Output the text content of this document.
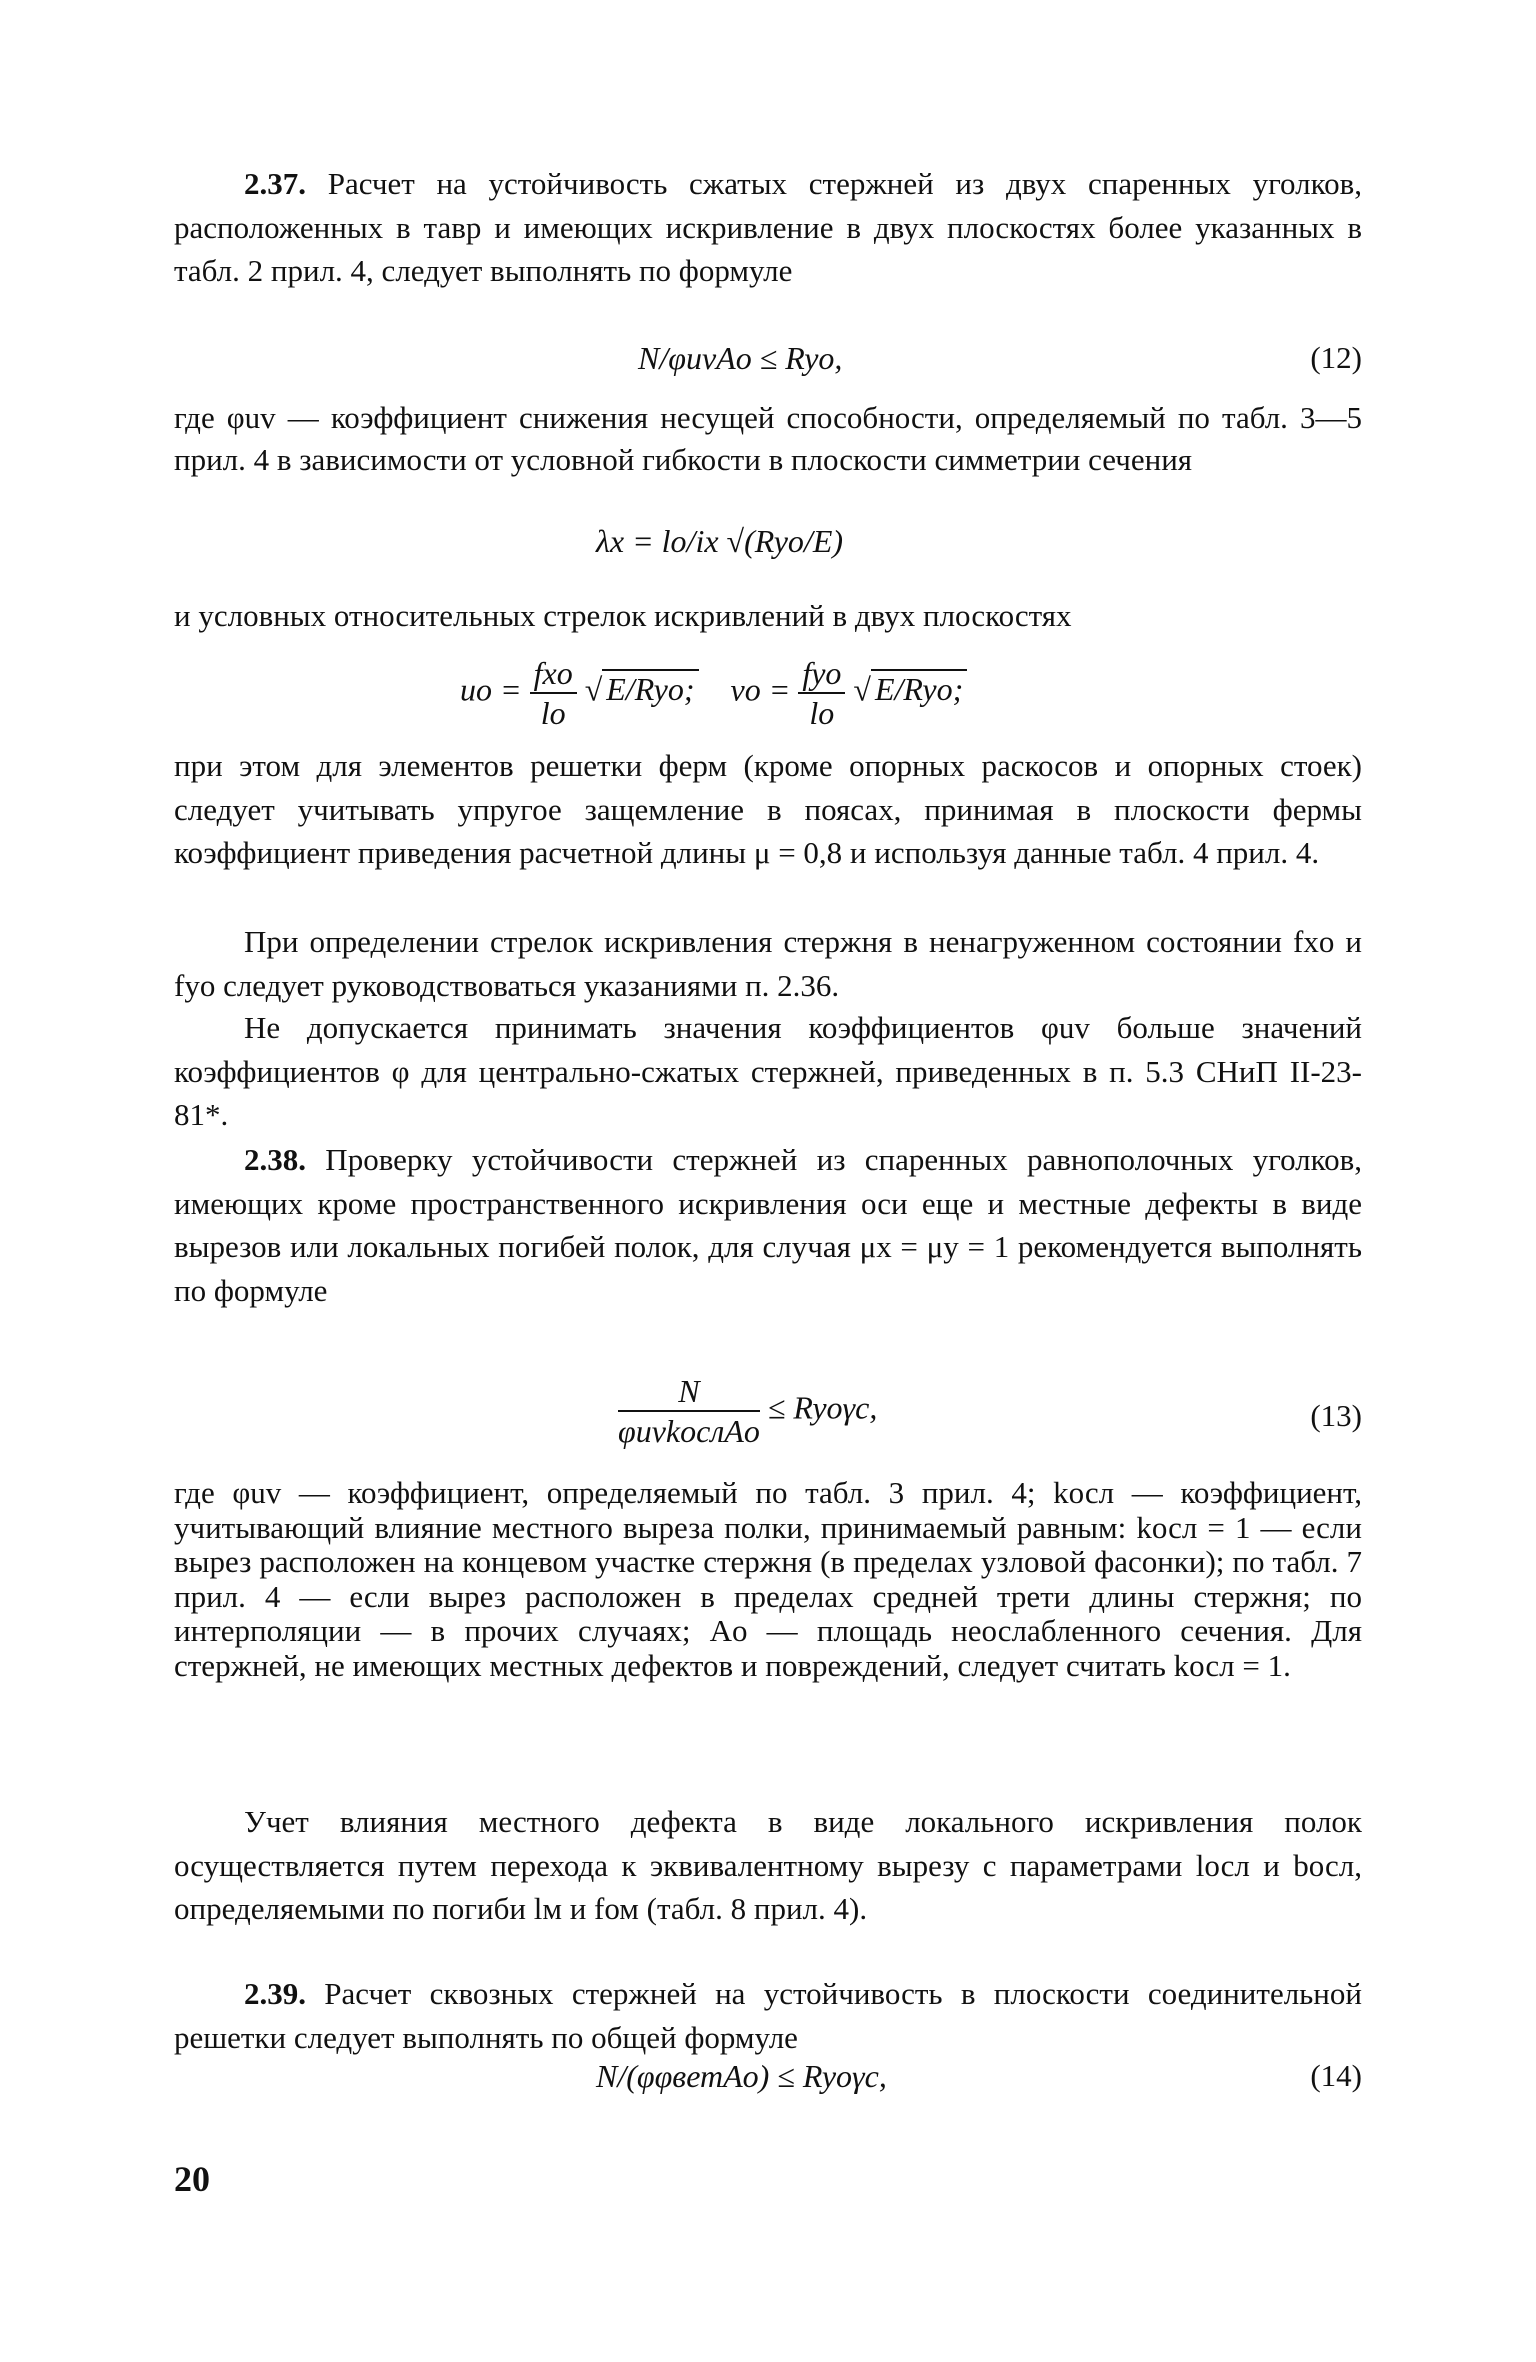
2.37. Расчет на устойчивость сжатых стержней из двух спаренных уголков, расположенных в тавр и имеющих искривление в двух плоскостях более указанных в табл. 2 прил. 4, следует выполнять по формуле

N/φuvAo ≤ Ryo,	(12)

где φuv — коэффициент снижения несущей способности, определяемый по табл. 3—5 прил. 4 в зависимости от условной гибкости в плоскости симметрии сечения

λx = lo/ix √(Ryo/E)

и условных относительных стрелок искривлений в двух плоскостях

uo = $\frac{\text{fxo}}{lo}$ √ E/Ryo; vo = $\frac{\text{fyo}}{lo}$ √ E/Ryo;

при этом для элементов решетки ферм (кроме опорных раскосов и опорных стоек) следует учитывать упругое защемление в поясах, принимая в плоскости фермы коэффициент приведения расчетной длины μ = 0,8 и используя данные табл. 4 прил. 4.

При определении стрелок искривления стержня в ненагруженном состоянии fxo и fyo следует руководствоваться указаниями п. 2.36.

Не допускается принимать значения коэффициентов φuv больше значений коэффициентов φ для центрально-сжатых стержней, приведенных в п. 5.3 СНиП II-23-81*.

2.38. Проверку устойчивости стержней из спаренных равнополочных уголков, имеющих кроме пространственного искривления оси еще и местные дефекты в виде вырезов или локальных погибей полок, для случая μx = μy = 1 рекомендуется выполнять по формуле

$\frac{N}{\text{φuvkослAo}} \le Ryo\gamma c$,	(13)

где φuv — коэффициент, определяемый по табл. 3 прил. 4; kосл — коэффициент, учитывающий влияние местного выреза полки, принимаемый равным: kосл = 1 — если вырез расположен на концевом участке стержня (в пределах узловой фасонки); по табл. 7 прил. 4 — если вырез расположен в пределах средней трети длины стержня; по интерполяции — в прочих случаях; Ao — площадь неослабленного сечения. Для стержней, не имеющих местных дефектов и повреждений, следует считать kосл = 1.

Учет влияния местного дефекта в виде локального искривления полок осуществляется путем перехода к эквивалентному вырезу с параметрами lосл и bосл, определяемыми по погиби lм и fом (табл. 8 прил. 4).

2.39. Расчет сквозных стержней на устойчивость в плоскости соединительной решетки следует выполнять по общей формуле

N/(φφветAo) ≤ Ryoγc,	(14)
20
